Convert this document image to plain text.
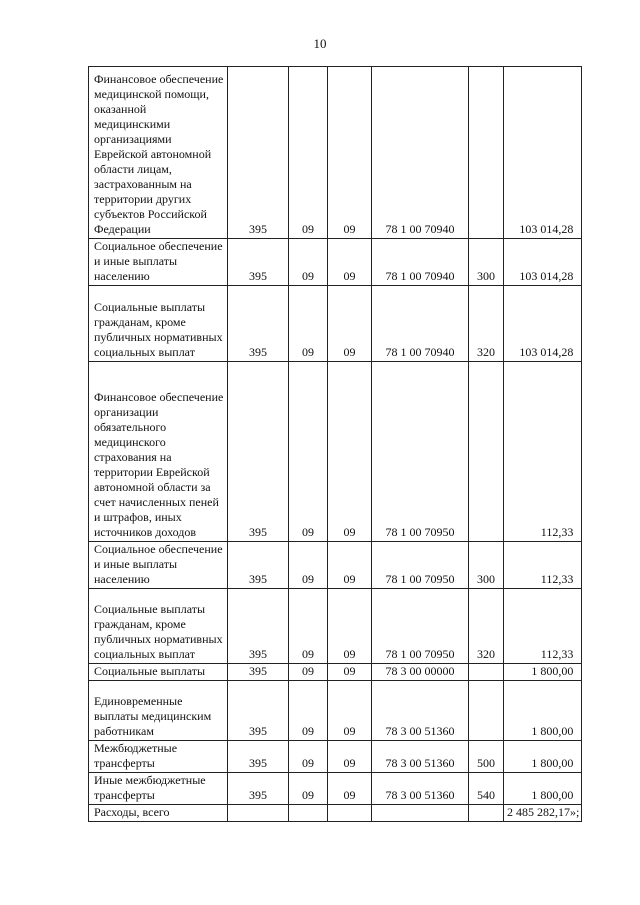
10
Финансовое обеспечение медицинской помощи, оказанной медицинскими организациями Еврейской автономной области лицам, застрахованным на территории других субъектов Российской Федерации	395	09	09	78 1 00 70940		103 014,28
Социальное обеспечение и иные выплаты населению	395	09	09	78 1 00 70940	300	103 014,28
Социальные выплаты гражданам, кроме публичных нормативных социальных выплат	395	09	09	78 1 00 70940	320	103 014,28
Финансовое обеспечение организации обязательного медицинского страхования на территории Еврейской автономной области за счет начисленных пеней и штрафов, иных источников доходов	395	09	09	78 1 00 70950		112,33
Социальное обеспечение и иные выплаты населению	395	09	09	78 1 00 70950	300	112,33
Социальные выплаты гражданам, кроме публичных нормативных социальных выплат	395	09	09	78 1 00 70950	320	112,33
Социальные выплаты	395	09	09	78 3 00 00000		1 800,00
Единовременные выплаты медицинским работникам	395	09	09	78 3 00 51360		1 800,00
Межбюджетные трансферты	395	09	09	78 3 00 51360	500	1 800,00
Иные межбюджетные трансферты	395	09	09	78 3 00 51360	540	1 800,00
Расходы, всего						2 485 282,17»;
